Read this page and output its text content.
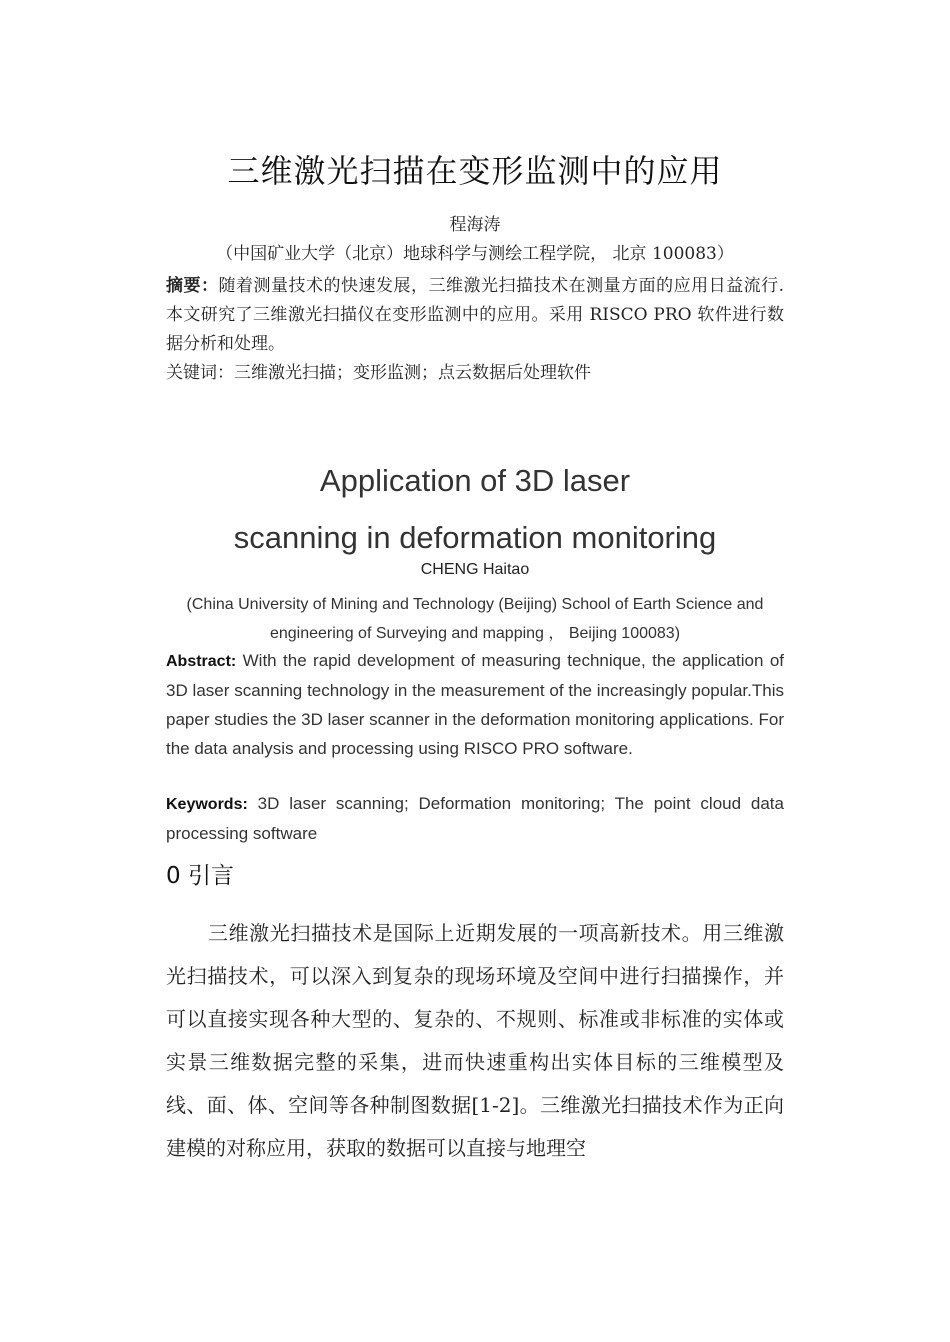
三维激光扫描在变形监测中的应用
程海涛
（中国矿业大学（北京）地球科学与测绘工程学院， 北京 100083）
摘要：随着测量技术的快速发展，三维激光扫描技术在测量方面的应用日益流行. 本文研究了三维激光扫描仪在变形监测中的应用。采用 RISCO PRO 软件进行数据分析和处理。
关键词：三维激光扫描；变形监测；点云数据后处理软件
Application of 3D laser
scanning in deformation monitoring
CHENG Haitao
(China University of Mining and Technology (Beijing) School of Earth Science and engineering of Surveying and mapping ， Beijing 100083)
Abstract: With the rapid development of measuring technique, the application of 3D laser scanning technology in the measurement of the increasingly popular.This paper studies the 3D laser scanner in the deformation monitoring applications. For the data analysis and processing using RISCO PRO software.
Keywords: 3D laser scanning; Deformation monitoring; The point cloud data processing software
0 引言
三维激光扫描技术是国际上近期发展的一项高新技术。用三维激光扫描技术，可以深入到复杂的现场环境及空间中进行扫描操作，并可以直接实现各种大型的、复杂的、不规则、标准或非标准的实体或实景三维数据完整的采集，进而快速重构出实体目标的三维模型及线、面、体、空间等各种制图数据[1-2]。三维激光扫描技术作为正向建模的对称应用，获取的数据可以直接与地理空
